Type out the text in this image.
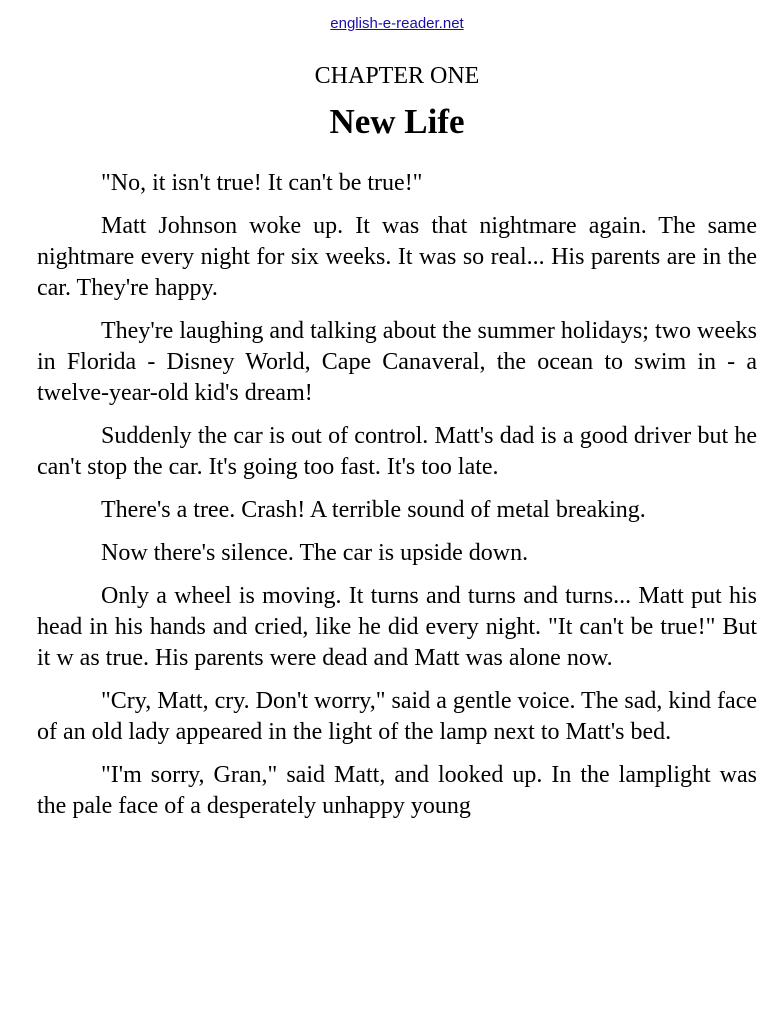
english-e-reader.net
CHAPTER ONE
New Life

"No, it isn't true! It can't be true!"

Matt Johnson woke up. It was that nightmare again. The same nightmare every night for six weeks. It was so real... His parents are in the car. They're happy.

They're laughing and talking about the summer holidays; two weeks in Florida - Disney World, Cape Canaveral, the ocean to swim in - a twelve-year-old kid's dream!

Suddenly the car is out of control. Matt's dad is a good driver but he can't stop the car. It's going too fast. It's too late.

There's a tree. Crash! A terrible sound of metal breaking.

Now there's silence. The car is upside down.

Only a wheel is moving. It turns and turns and turns... Matt put his head in his hands and cried, like he did every night. "It can't be true!" But it w as true. His parents were dead and Matt was alone now.

"Cry, Matt, cry. Don't worry," said a gentle voice. The sad, kind face of an old lady appeared in the light of the lamp next to Matt's bed.

"I'm sorry, Gran," said Matt, and looked up. In the lamplight was the pale face of a desperately unhappy young
